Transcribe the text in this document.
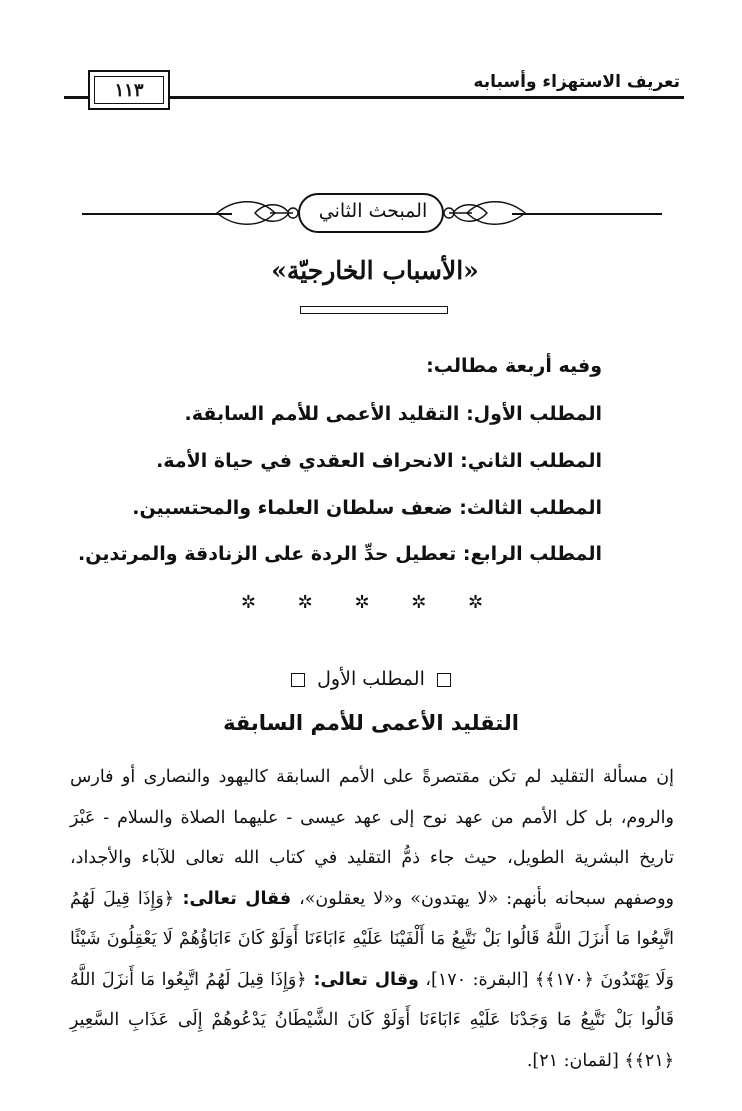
تعريف الاستهزاء وأسبابه
١١٣
المبحث الثاني
«الأسباب الخارجيّة»
وفيه أربعة مطالب:
المطلب الأول: التقليد الأعمى للأمم السابقة.
المطلب الثاني: الانحراف العقدي في حياة الأمة.
المطلب الثالث: ضعف سلطان العلماء والمحتسبين.
المطلب الرابع: تعطيل حدِّ الردة على الزنادقة والمرتدين.
✲ ✲ ✲ ✲ ✲
المطلب الأول
التقليد الأعمى للأمم السابقة
إن مسألة التقليد لم تكن مقتصرةً على الأمم السابقة كاليهود والنصارى أو فارس والروم، بل كل الأمم من عهد نوح إلى عهد عيسى - عليهما الصلاة والسلام - عَبْرَ تاريخ البشرية الطويل، حيث جاء ذمُّ التقليد في كتاب الله تعالى للآباء والأجداد، ووصفهم سبحانه بأنهم: «لا يهتدون» و«لا يعقلون»، فقال تعالى: ﴿وَإِذَا قِيلَ لَهُمُ اتَّبِعُوا مَا أَنزَلَ اللَّهُ قَالُوا بَلْ نَتَّبِعُ مَا أَلْفَيْنَا عَلَيْهِ ءَابَاءَنَا أَوَلَوْ كَانَ ءَابَاؤُهُمْ لَا يَعْقِلُونَ شَيْئًا وَلَا يَهْتَدُونَ ﴿١٧٠﴾﴾ [البقرة: ١٧٠]، وقال تعالى: ﴿وَإِذَا قِيلَ لَهُمُ اتَّبِعُوا مَا أَنزَلَ اللَّهُ قَالُوا بَلْ نَتَّبِعُ مَا وَجَدْنَا عَلَيْهِ ءَابَاءَنَا أَوَلَوْ كَانَ الشَّيْطَانُ يَدْعُوهُمْ إِلَى عَذَابِ السَّعِيرِ ﴿٢١﴾﴾ [لقمان: ٢١].
